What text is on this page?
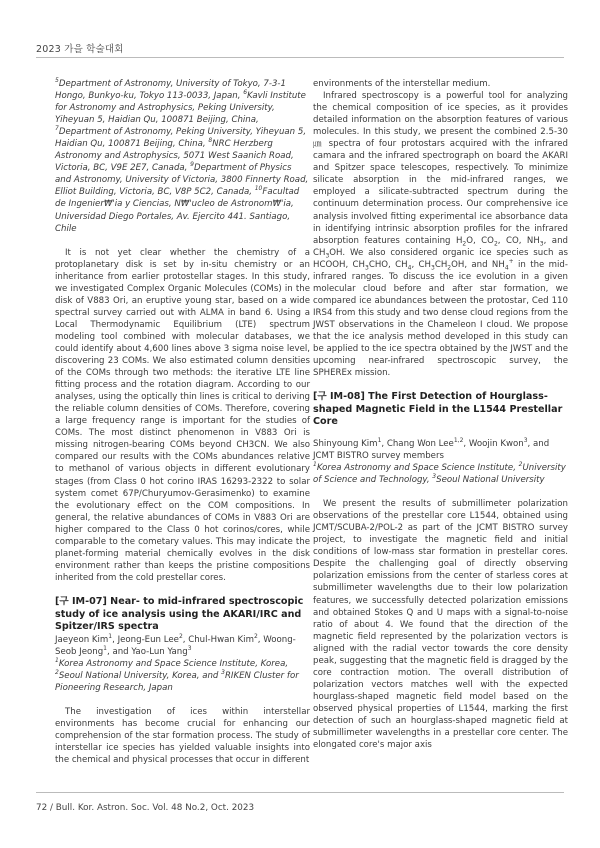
2023 가을 학술대회

$^5$Department of Astronomy, University of Tokyo, 7-3-1 Hongo, Bunkyo-ku, Tokyo 113-0033, Japan, $^6$Kavli Institute for Astronomy and Astrophysics, Peking University, Yiheyuan 5, Haidian Qu, 100871 Beijing, China, $^7$Department of Astronomy, Peking University, Yiheyuan 5, Haidian Qu, 100871 Beijing, China, $^8$NRC Herzberg Astronomy and Astrophysics, 5071 West Saanich Road, Victoria, BC, V9E 2E7, Canada, $^9$Department of Physics and Astronomy, University of Victoria, 3800 Finnerty Road, Elliot Building, Victoria, BC, V8P 5C2, Canada, $^{10}$Facultad de Ingenier₩'ia y Ciencias, N₩'ucleo de Astronom₩'ia, Universidad Diego Portales, Av. Ejercito 441. Santiago, Chile

It is not yet clear whether the chemistry of a protoplanetary disk is set by in-situ chemistry or an inheritance from earlier protostellar stages. In this study, we investigated Complex Organic Molecules (COMs) in the disk of V883 Ori, an eruptive young star, based on a wide spectral survey carried out with ALMA in band 6. Using a Local Thermodynamic Equilibrium (LTE) spectrum modeling tool combined with molecular databases, we could identify about 4,600 lines above 3 sigma noise level, discovering 23 COMs. We also estimated column densities of the COMs through two methods: the iterative LTE line fitting process and the rotation diagram. According to our analyses, using the optically thin lines is critical to deriving the reliable column densities of COMs. Therefore, covering a large frequency range is important for the studies of COMs. The most distinct phenomenon in V883 Ori is missing nitrogen-bearing COMs beyond CH3CN. We also compared our results with the COMs abundances relative to methanol of various objects in different evolutionary stages (from Class 0 hot corino IRAS 16293-2322 to solar system comet 67P/Churyumov-Gerasimenko) to examine the evolutionary effect on the COM compositions. In general, the relative abundances of COMs in V883 Ori are higher compared to the Class 0 hot corinos/cores, while comparable to the cometary values. This may indicate the planet-forming material chemically evolves in the disk environment rather than keeps the pristine compositions inherited from the cold prestellar cores.

[구 IM-07] Near- to mid-infrared spectroscopic study of ice analysis using the AKARI/IRC and Spitzer/IRS spectra

Jaeyeon Kim$^1$, Jeong-Eun Lee$^2$, Chul-Hwan Kim$^2$, Woong-Seob Jeong$^1$, and Yao-Lun Yang$^3$

$^1$Korea Astronomy and Space Science Institute, Korea, $^2$Seoul National University, Korea, and $^3$RIKEN Cluster for Pioneering Research, Japan

The investigation of ices within interstellar environments has become crucial for enhancing our comprehension of the star formation process. The study of interstellar ice species has yielded valuable insights into the chemical and physical processes that occur in different

environments of the interstellar medium.

Infrared spectroscopy is a powerful tool for analyzing the chemical composition of ice species, as it provides detailed information on the absorption features of various molecules. In this study, we present the combined 2.5-30 ㎛ spectra of four protostars acquired with the infrared camara and the infrared spectrograph on board the AKARI and Spitzer space telescopes, respectively. To minimize silicate absorption in the mid-infrared ranges, we employed a silicate-subtracted spectrum during the continuum determination process. Our comprehensive ice analysis involved fitting experimental ice absorbance data in identifying intrinsic absorption profiles for the infrared absorption features containing $H_2O$, $CO_2$, CO, $NH_3$, and $CH_3OH$. We also considered organic ice species such as HCOOH, $CH_3CHO$, $CH_4$, $CH_3CH_2OH$, and $NH_4^+$ in the mid-infrared ranges. To discuss the ice evolution in a given molecular cloud before and after star formation, we compared ice abundances between the protostar, Ced 110 IRS4 from this study and two dense cloud regions from the JWST observations in the Chameleon I cloud. We propose that the ice analysis method developed in this study can be applied to the ice spectra obtained by the JWST and the upcoming near-infrared spectroscopic survey, the SPHEREx mission.

[구 IM-08] The First Detection of Hourglass-shaped Magnetic Field in the L1544 Prestellar Core

Shinyoung Kim$^1$, Chang Won Lee$^{1,2}$, Woojin Kwon$^3$, and JCMT BISTRO survey members

$^1$Korea Astronomy and Space Science Institute, $^2$University of Science and Technology, $^3$Seoul National University

We present the results of submillimeter polarization observations of the prestellar core L1544, obtained using JCMT/SCUBA-2/POL-2 as part of the JCMT BISTRO survey project, to investigate the magnetic field and initial conditions of low-mass star formation in prestellar cores. Despite the challenging goal of directly observing polarization emissions from the center of starless cores at submillimeter wavelengths due to their low polarization features, we successfully detected polarization emissions and obtained Stokes Q and U maps with a signal-to-noise ratio of about 4. We found that the direction of the magnetic field represented by the polarization vectors is aligned with the radial vector towards the core density peak, suggesting that the magnetic field is dragged by the core contraction motion. The overall distribution of polarization vectors matches well with the expected hourglass-shaped magnetic field model based on the observed physical properties of L1544, marking the first detection of such an hourglass-shaped magnetic field at submillimeter wavelengths in a prestellar core center. The elongated core's major axis

72 / Bull. Kor. Astron. Soc. Vol. 48 No.2, Oct. 2023
